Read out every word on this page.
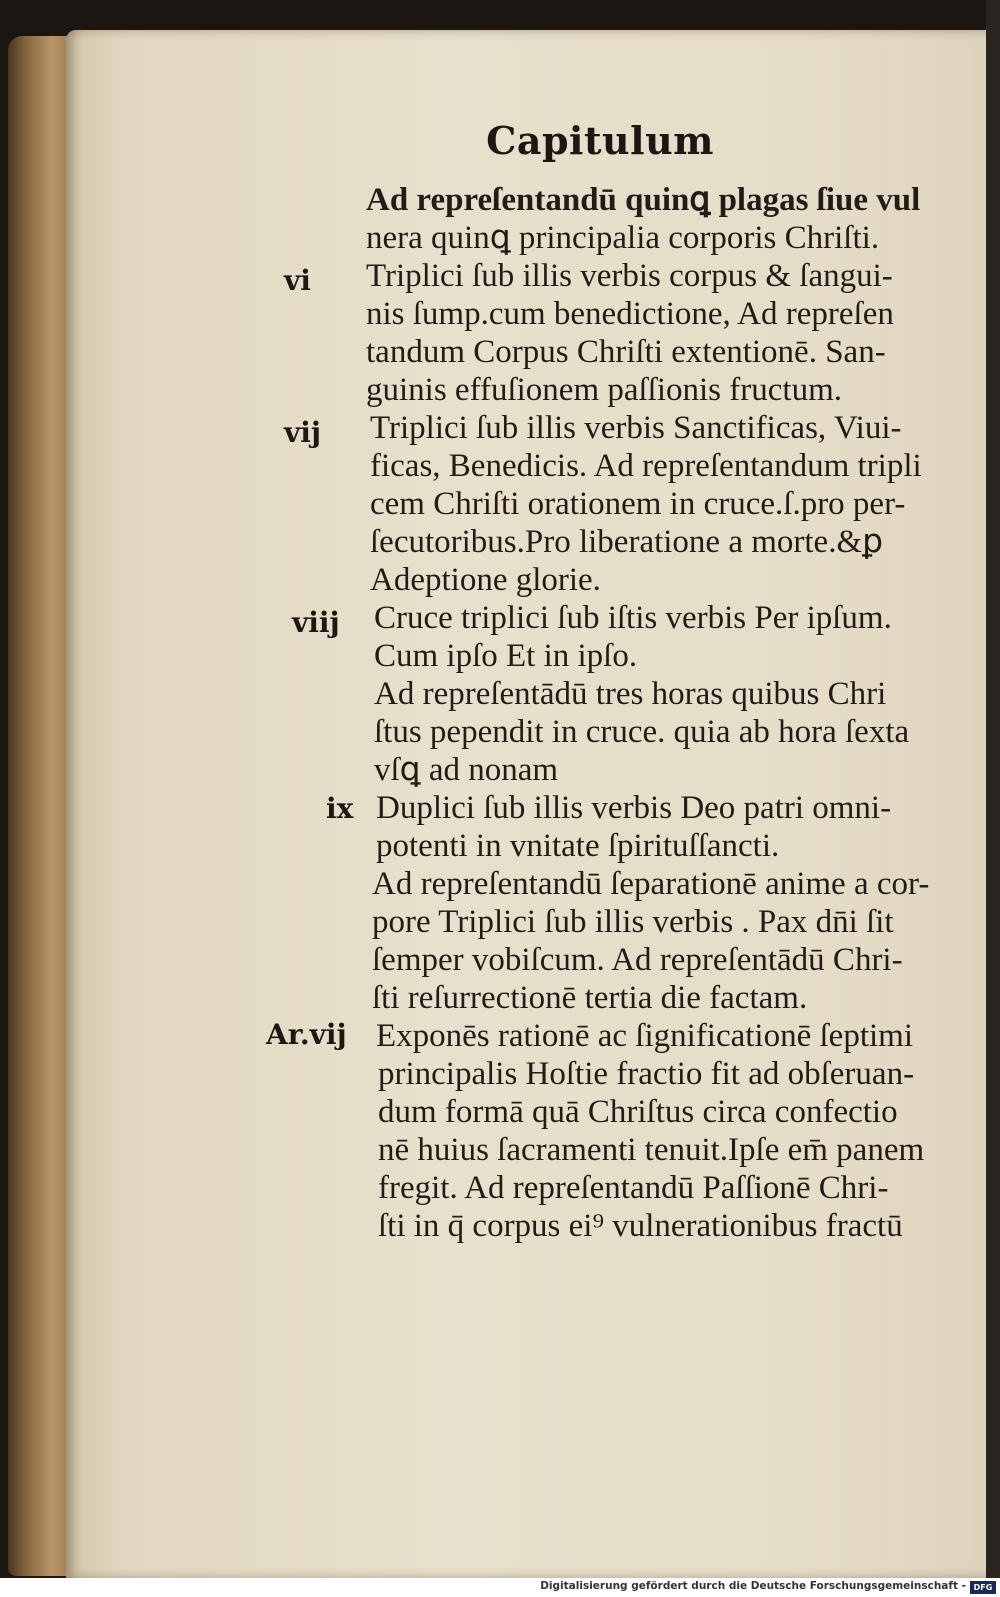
Capitulum
vi
vij
viij
ix
Ar.vij
Ad repreſentandū quinꝗ plagas ſiue vul
nera quinꝗ principalia corporis Chriſti.
Triplici ſub illis verbis corpus & ſangui-
nis ſump.cum benedictione, Ad repreſen
tandum Corpus Chriſti extentionē. San-
guinis effuſionem paſſionis fructum.
Triplici ſub illis verbis Sanctificas, Viui-
ficas, Benedicis. Ad repreſentandum tripli
cem Chriſti orationem in cruce.ſ.pro per-
ſecutoribus.Pro liberatione a morte.&ꝑ
Adeptione glorie.
Cruce triplici ſub iſtis verbis Per ipſum.
Cum ipſo Et in ipſo.
Ad repreſentādū tres horas quibus Chri
ſtus pependit in cruce. quia ab hora ſexta
vſꝗ ad nonam
Duplici ſub illis verbis Deo patri omni-
potenti in vnitate ſpirituſſancti.
Ad repreſentandū ſeparationē anime a cor-
pore Triplici ſub illis verbis . Pax dn̄i ſit
ſemper vobiſcum. Ad repreſentādū Chri-
ſti reſurrectionē tertia die factam.
Exponēs rationē ac ſignificationē ſeptimi
principalis Hoſtie fractio fit ad obſeruan-
dum formā quā Chriſtus circa confectio
nē huius ſacramenti tenuit.Ipſe em̄ panem
fregit. Ad repreſentandū Paſſionē Chri-
ſti in q̄ corpus ei⁹ vulnerationibus fractū
Digitalisierung gefördert durch die Deutsche Forschungsgemeinschaft - DFG
